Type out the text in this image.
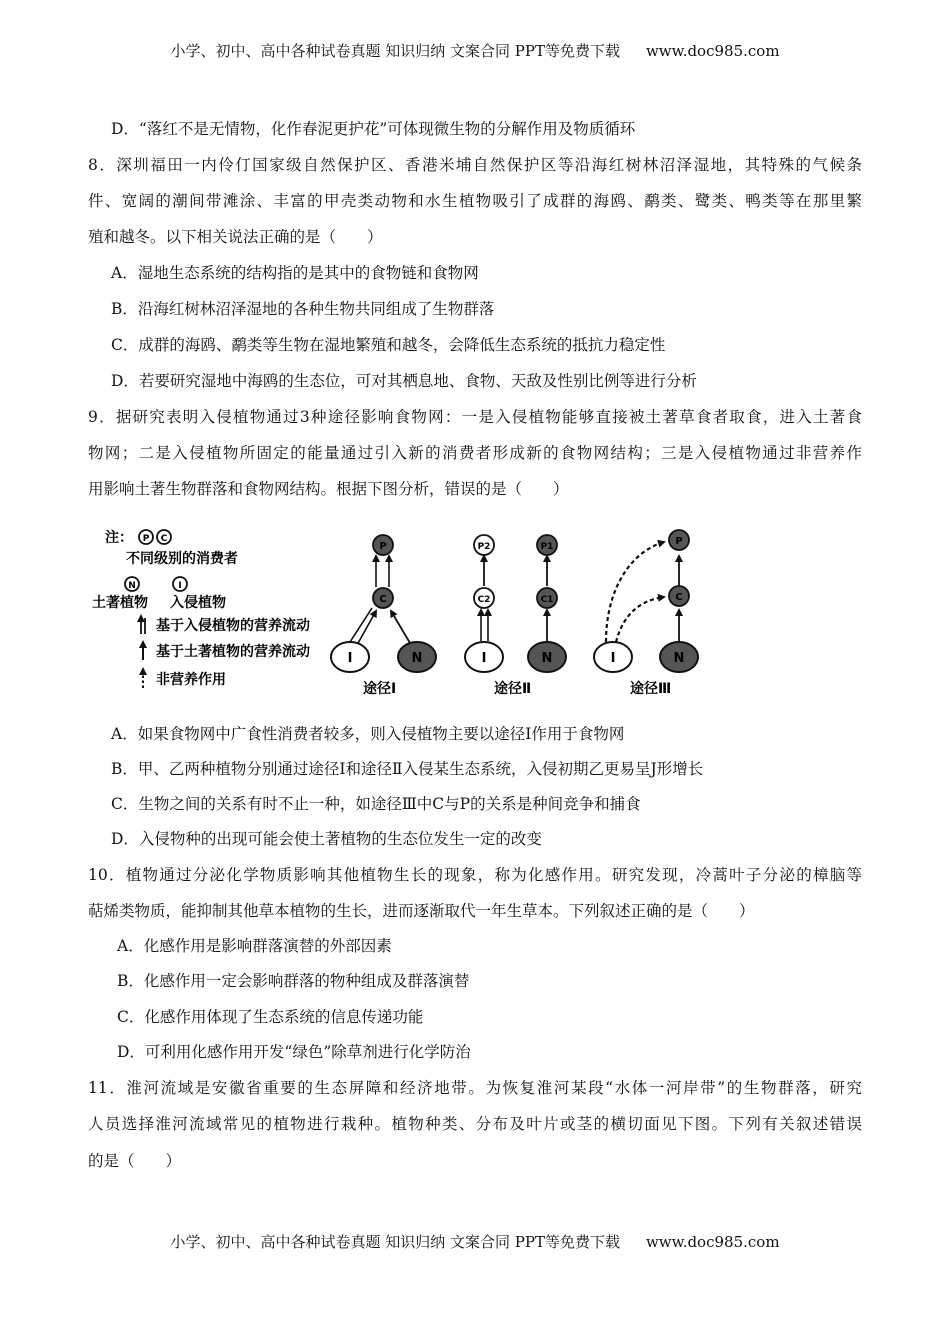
小学、初中、高中各种试卷真题 知识归纳 文案合同 PPT等免费下载 www.doc985.com
D．“落红不是无情物，化作春泥更护花”可体现微生物的分解作用及物质循环
8．深圳福田一内伶仃国家级自然保护区、香港米埔自然保护区等沿海红树林沼泽湿地，其特殊的气候条
件、宽阔的潮间带滩涂、丰富的甲壳类动物和水生植物吸引了成群的海鸥、鹬类、鹭类、鸭类等在那里繁
殖和越冬。以下相关说法正确的是（　　）
A．湿地生态系统的结构指的是其中的食物链和食物网
B．沿海红树林沼泽湿地的各种生物共同组成了生物群落
C．成群的海鸥、鹬类等生物在湿地繁殖和越冬，会降低生态系统的抵抗力稳定性
D．若要研究湿地中海鸥的生态位，可对其栖息地、食物、天敌及性别比例等进行分析
9．据研究表明入侵植物通过3种途径影响食物网：一是入侵植物能够直接被土著草食者取食，进入土著食
物网；二是入侵植物所固定的能量通过引入新的消费者形成新的食物网结构；三是入侵植物通过非营养作
用影响土著生物群落和食物网结构。根据下图分析，错误的是（　　）
注： P C
不同级别的消费者
N	I
土著植物 入侵植物
基于入侵植物的营养流动
基于土著植物的营养流动
非营养作用
P
C
I	N
途径Ⅰ
P2
C2
I
P1
C1
N
途径Ⅱ
P
C
I	N
途径Ⅲ
A．如果食物网中广食性消费者较多，则入侵植物主要以途径Ⅰ作用于食物网
B．甲、乙两种植物分别通过途径Ⅰ和途径Ⅱ入侵某生态系统，入侵初期乙更易呈J形增长
C．生物之间的关系有时不止一种，如途径Ⅲ中C与P的关系是种间竞争和捕食
D．入侵物种的出现可能会使土著植物的生态位发生一定的改变
10．植物通过分泌化学物质影响其他植物生长的现象，称为化感作用。研究发现，冷蒿叶子分泌的樟脑等
萜烯类物质，能抑制其他草本植物的生长，进而逐渐取代一年生草本。下列叙述正确的是（　　）
A．化感作用是影响群落演替的外部因素
B．化感作用一定会影响群落的物种组成及群落演替
C．化感作用体现了生态系统的信息传递功能
D．可利用化感作用开发“绿色”除草剂进行化学防治
11．淮河流域是安徽省重要的生态屏障和经济地带。为恢复淮河某段“水体一河岸带”的生物群落，研究
人员选择淮河流域常见的植物进行栽种。植物种类、分布及叶片或茎的横切面见下图。下列有关叙述错误
的是（　　）
小学、初中、高中各种试卷真题 知识归纳 文案合同 PPT等免费下载 www.doc985.com
